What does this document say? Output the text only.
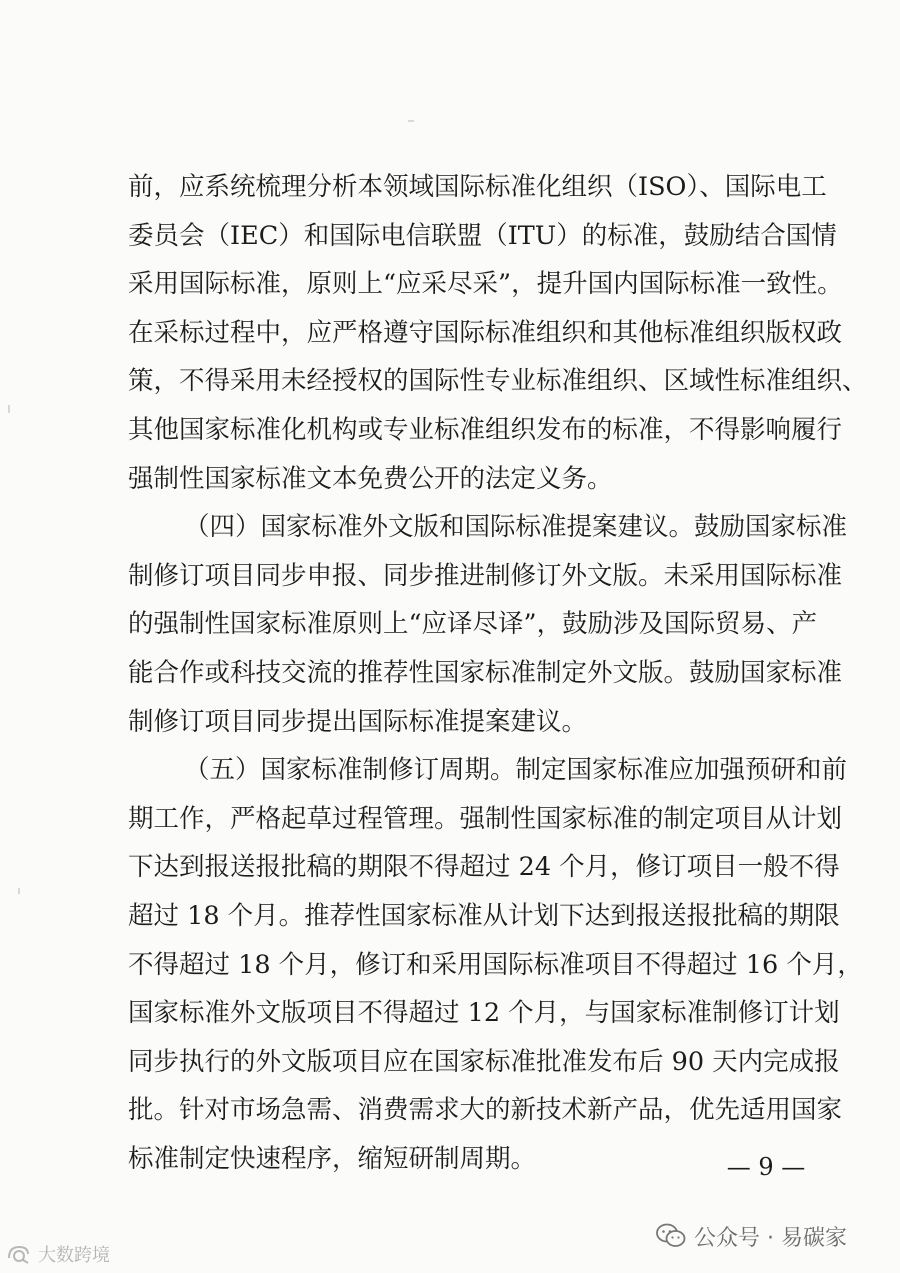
前，应系统梳理分析本领域国际标准化组织（ISO）、国际电工
委员会（IEC）和国际电信联盟（ITU）的标准，鼓励结合国情
采用国际标准，原则上“应采尽采”，提升国内国际标准一致性。
在采标过程中，应严格遵守国际标准组织和其他标准组织版权政
策，不得采用未经授权的国际性专业标准组织、区域性标准组织、
其他国家标准化机构或专业标准组织发布的标准，不得影响履行
强制性国家标准文本免费公开的法定义务。
（四）国家标准外文版和国际标准提案建议。鼓励国家标准
制修订项目同步申报、同步推进制修订外文版。未采用国际标准
的强制性国家标准原则上“应译尽译”，鼓励涉及国际贸易、产
能合作或科技交流的推荐性国家标准制定外文版。鼓励国家标准
制修订项目同步提出国际标准提案建议。
（五）国家标准制修订周期。制定国家标准应加强预研和前
期工作，严格起草过程管理。强制性国家标准的制定项目从计划
下达到报送报批稿的期限不得超过 24 个月，修订项目一般不得
超过 18 个月。推荐性国家标准从计划下达到报送报批稿的期限
不得超过 18 个月，修订和采用国际标准项目不得超过 16 个月，
国家标准外文版项目不得超过 12 个月，与国家标准制修订计划
同步执行的外文版项目应在国家标准批准发布后 90 天内完成报
批。针对市场急需、消费需求大的新技术新产品，优先适用国家
标准制定快速程序，缩短研制周期。	— 9 —
公众号 · 易碳家
大数跨境
